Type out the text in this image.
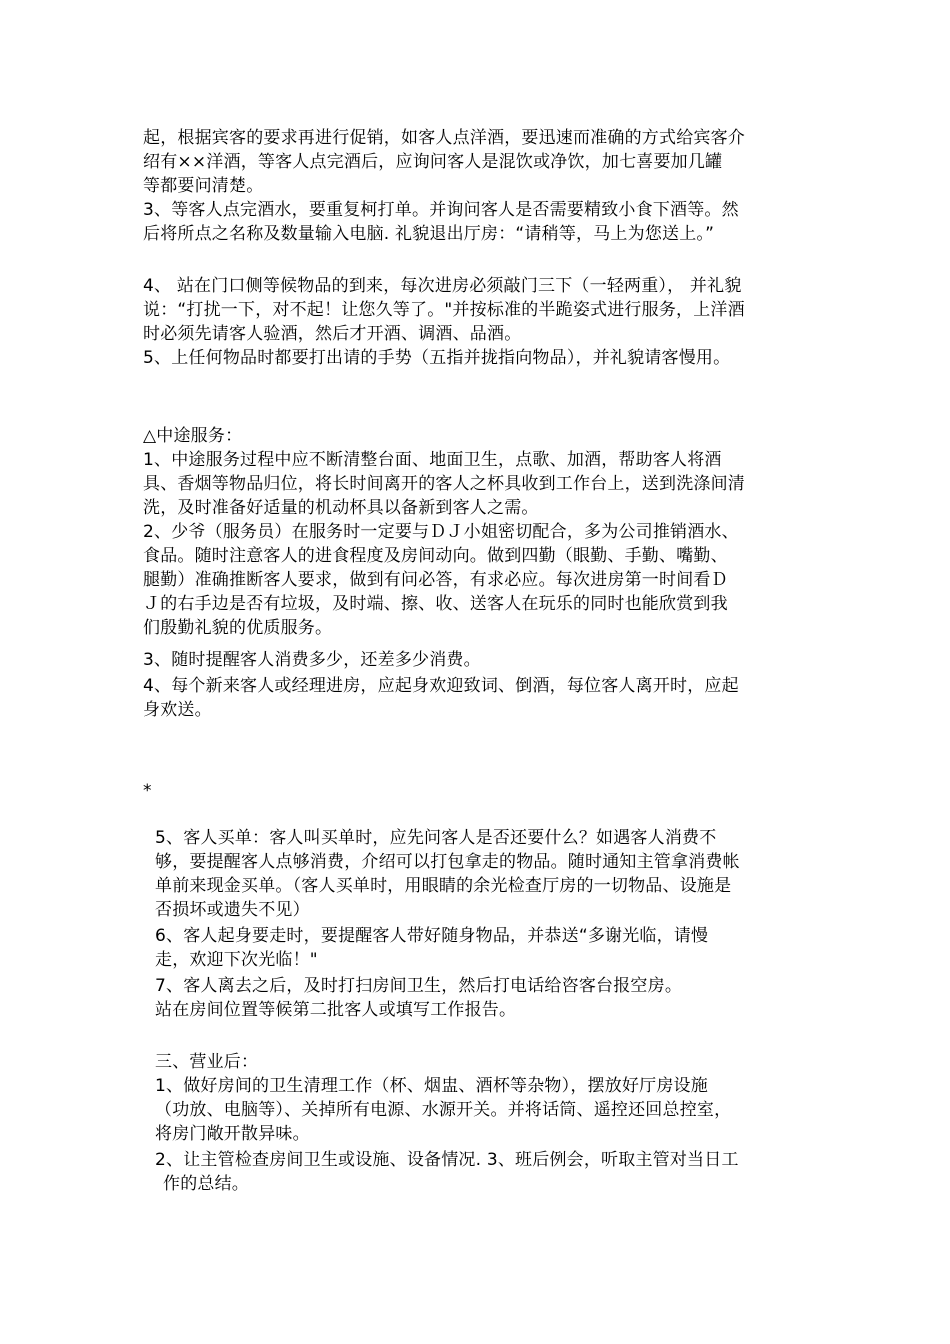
起，根据宾客的要求再进行促销，如客人点洋酒，要迅速而准确的方式给宾客介
绍有××洋酒，等客人点完酒后，应询问客人是混饮或净饮，加七喜要加几罐
等都要问清楚。
3、等客人点完酒水，要重复柯打单。并询问客人是否需要精致小食下酒等。然
后将所点之名称及数量输入电脑. 礼貌退出厅房：“请稍等，马上为您送上。”
4、 站在门口侧等候物品的到来，每次进房必须敲门三下（一轻两重）， 并礼貌
说：“打扰一下，对不起！让您久等了。"并按标准的半跪姿式进行服务，上洋酒
时必须先请客人验酒，然后才开酒、调酒、品酒。
5、上任何物品时都要打出请的手势（五指并拢指向物品），并礼貌请客慢用。
△中途服务：
1、中途服务过程中应不断清整台面、地面卫生，点歌、加酒，帮助客人将酒
具、香烟等物品归位，将长时间离开的客人之杯具收到工作台上，送到洗涤间清
洗，及时准备好适量的机动杯具以备新到客人之需。
2、少爷（服务员）在服务时一定要与ＤＪ小姐密切配合，多为公司推销酒水、
食品。随时注意客人的进食程度及房间动向。做到四勤（眼勤、手勤、嘴勤、
腿勤）准确推断客人要求，做到有问必答，有求必应。每次进房第一时间看Ｄ
Ｊ的右手边是否有垃圾，及时端、擦、收、送客人在玩乐的同时也能欣赏到我
们殷勤礼貌的优质服务。
3、随时提醒客人消费多少，还差多少消费。
4、每个新来客人或经理进房，应起身欢迎致词、倒酒，每位客人离开时，应起
身欢送。
*
5、客人买单：客人叫买单时，应先问客人是否还要什么？如遇客人消费不
够，要提醒客人点够消费，介绍可以打包拿走的物品。随时通知主管拿消费帐
单前来现金买单。（客人买单时，用眼睛的余光检查厅房的一切物品、设施是
否损坏或遗失不见）
6、客人起身要走时，要提醒客人带好随身物品，并恭送“多谢光临，请慢
走，欢迎下次光临！"
7、客人离去之后，及时打扫房间卫生，然后打电话给咨客台报空房。
站在房间位置等候第二批客人或填写工作报告。
三、营业后：
1、做好房间的卫生清理工作（杯、烟盅、酒杯等杂物），摆放好厅房设施
（功放、电脑等）、关掉所有电源、水源开关。并将话筒、遥控还回总控室，
将房门敞开散异味。
2、让主管检查房间卫生或设施、设备情况. 3、班后例会，听取主管对当日工
作的总结。
